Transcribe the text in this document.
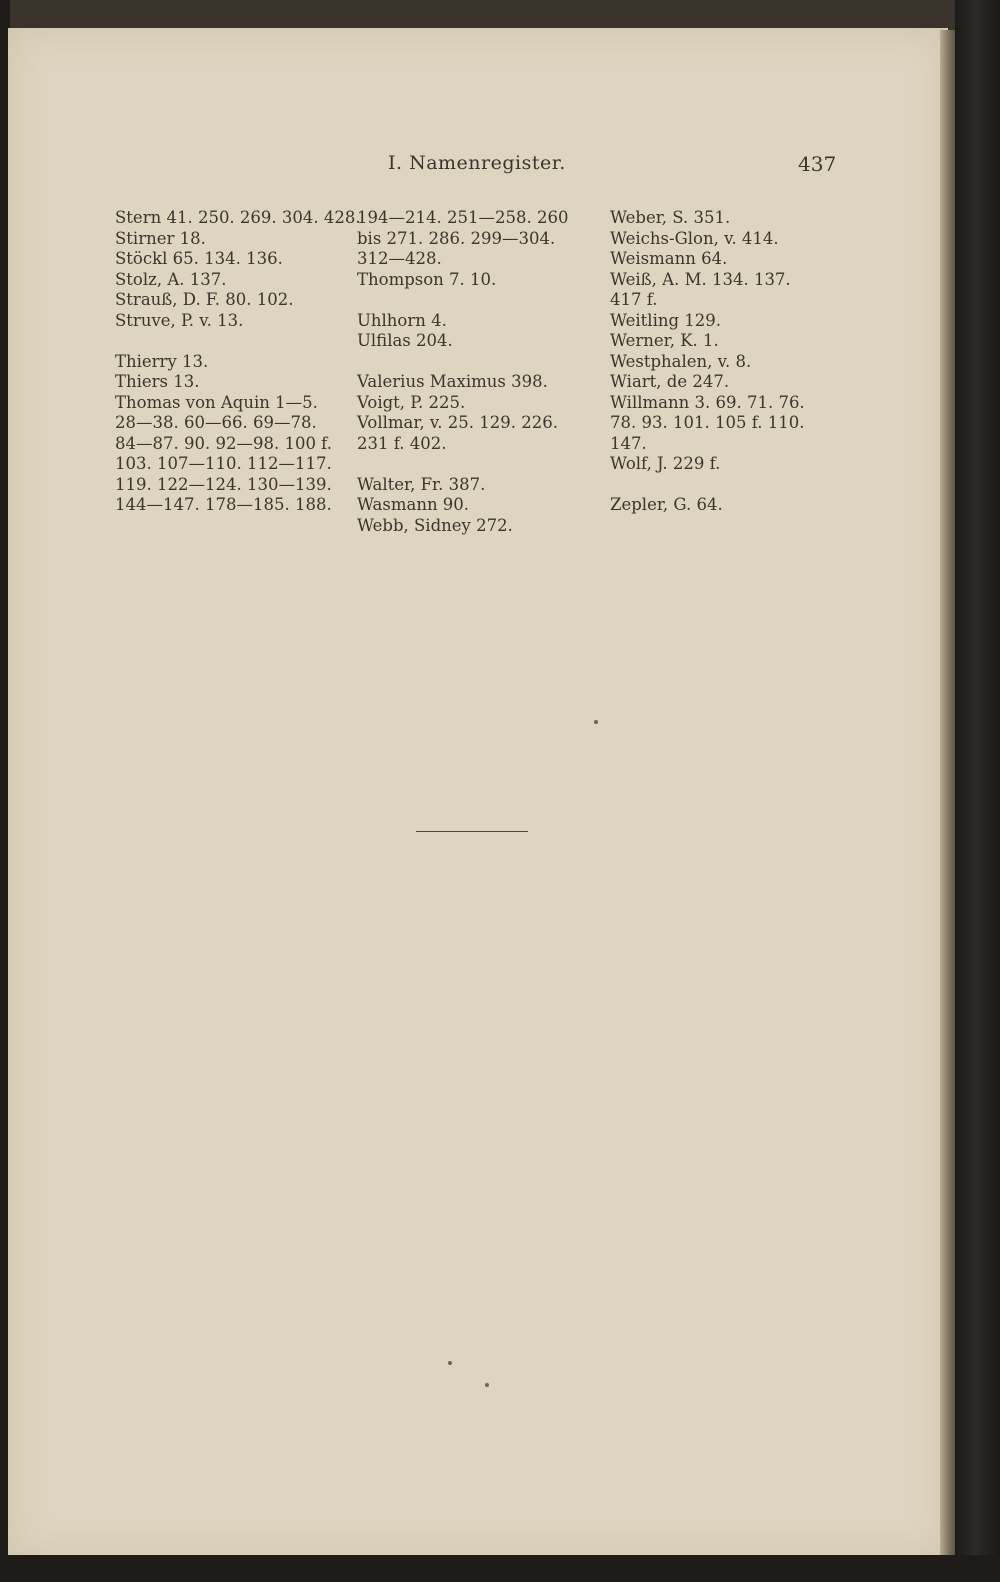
I. Namenregister.	437
Stern 41. 250. 269. 304. 428.
Stirner 18.
Stöckl 65. 134. 136.
Stolz, A. 137.
Strauß, D. F. 80. 102.
Struve, P. v. 13.
Thierry 13.
Thiers 13.
Thomas von Aquin 1—5.
28—38. 60—66. 69—78.
84—87. 90. 92—98. 100 f.
103. 107—110. 112—117.
119. 122—124. 130—139.
144—147. 178—185. 188.
194—214. 251—258. 260
bis 271. 286. 299—304.
312—428.
Thompson 7. 10.
Uhlhorn 4.
Ulfilas 204.
Valerius Maximus 398.
Voigt, P. 225.
Vollmar, v. 25. 129. 226.
231 f. 402.
Walter, Fr. 387.
Wasmann 90.
Webb, Sidney 272.
Weber, S. 351.
Weichs-Glon, v. 414.
Weismann 64.
Weiß, A. M. 134. 137.
417 f.
Weitling 129.
Werner, K. 1.
Westphalen, v. 8.
Wiart, de 247.
Willmann 3. 69. 71. 76.
78. 93. 101. 105 f. 110.
147.
Wolf, J. 229 f.
Zepler, G. 64.
